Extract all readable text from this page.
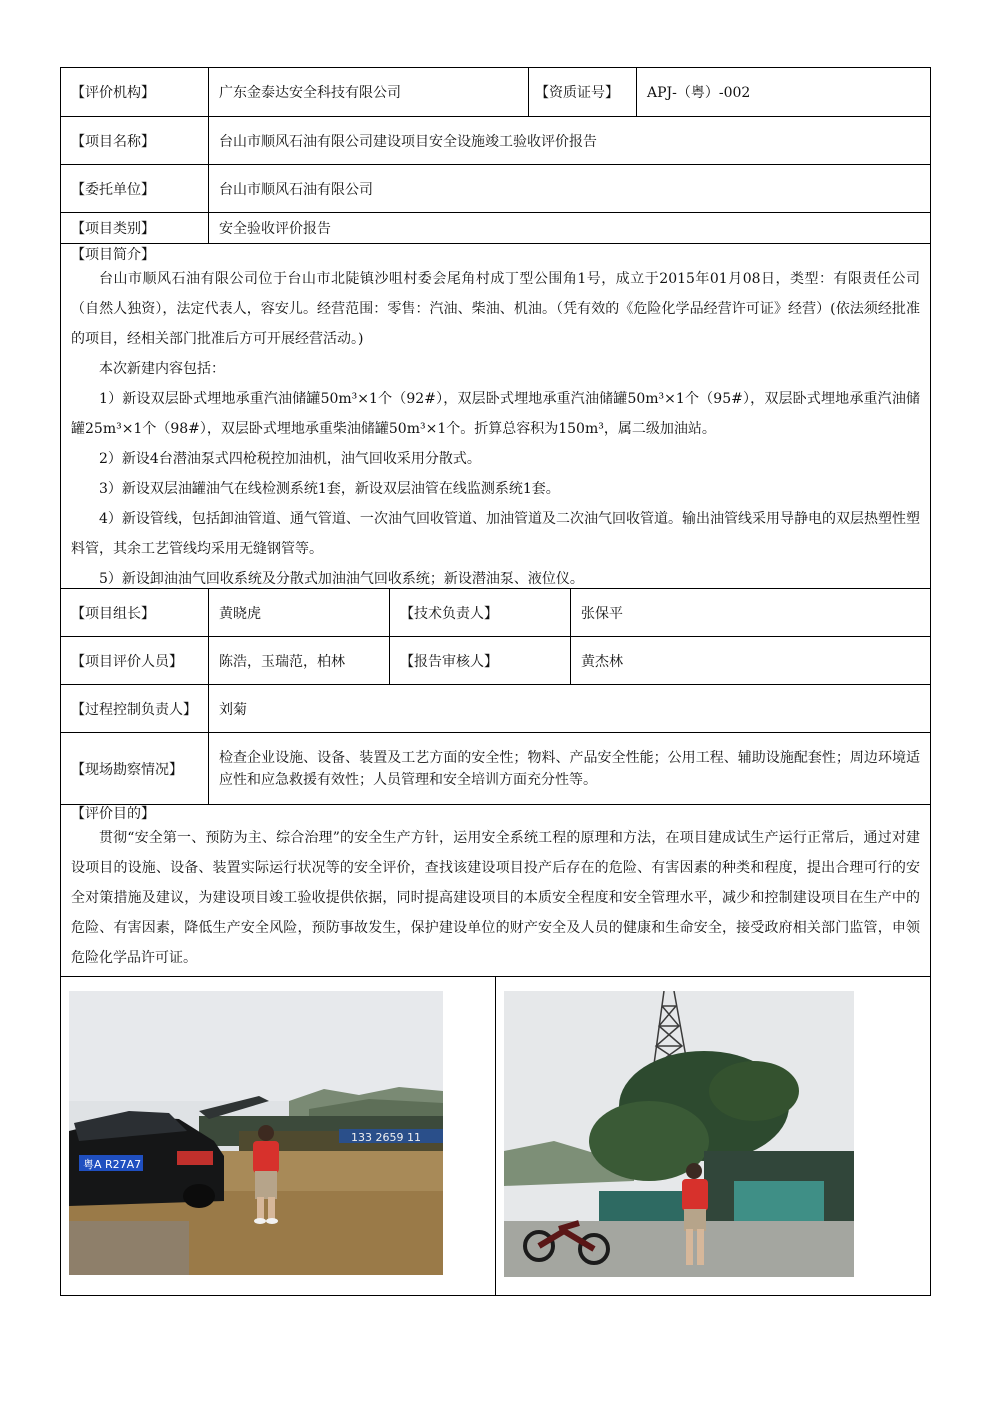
【评价机构】	广东金泰达安全科技有限公司	【资质证号】	APJ-（粤）-002
【项目名称】	台山市顺风石油有限公司建设项目安全设施竣工验收评价报告
【委托单位】	台山市顺风石油有限公司
【项目类别】	安全验收评价报告

【项目简介】

台山市顺风石油有限公司位于台山市北陡镇沙咀村委会尾角村成丁型公围角1号，成立于2015年01月08日，类型：有限责任公司（自然人独资），法定代表人，容安儿。经营范围：零售：汽油、柴油、机油。（凭有效的《危险化学品经营许可证》经营）(依法须经批准的项目，经相关部门批准后方可开展经营活动。)

本次新建内容包括：

1）新设双层卧式埋地承重汽油储罐50m³×1个（92#），双层卧式埋地承重汽油储罐50m³×1个（95#），双层卧式埋地承重汽油储罐25m³×1个（98#），双层卧式埋地承重柴油储罐50m³×1个。折算总容积为150m³，属二级加油站。

2）新设4台潜油泵式四枪税控加油机，油气回收采用分散式。

3）新设双层油罐油气在线检测系统1套，新设双层油管在线监测系统1套。

4）新设管线，包括卸油管道、通气管道、一次油气回收管道、加油管道及二次油气回收管道。输出油管线采用导静电的双层热塑性塑料管，其余工艺管线均采用无缝钢管等。

5）新设卸油油气回收系统及分散式加油油气回收系统；新设潜油泵、液位仪。

【项目组长】	黄晓虎	【技术负责人】	张保平
【项目评价人员】	陈浩，玉瑞范，柏林	【报告审核人】	黄杰林
【过程控制负责人】	刘菊
【现场勘察情况】
检查企业设施、设备、装置及工艺方面的安全性；物料、产品安全性能；公用工程、辅助设施配套性；周边环境适应性和应急救援有效性；人员管理和安全培训方面充分性等。

【评价目的】

贯彻“安全第一、预防为主、综合治理”的安全生产方针，运用安全系统工程的原理和方法，在项目建成试生产运行正常后，通过对建设项目的设施、设备、装置实际运行状况等的安全评价，查找该建设项目投产后存在的危险、有害因素的种类和程度，提出合理可行的安全对策措施及建议，为建设项目竣工验收提供依据，同时提高建设项目的本质安全程度和安全管理水平，减少和控制建设项目在生产中的危险、有害因素，降低生产安全风险，预防事故发生，保护建设单位的财产安全及人员的健康和生命安全，接受政府相关部门监管，申领危险化学品许可证。

133 2659 11
粤A R27A7
